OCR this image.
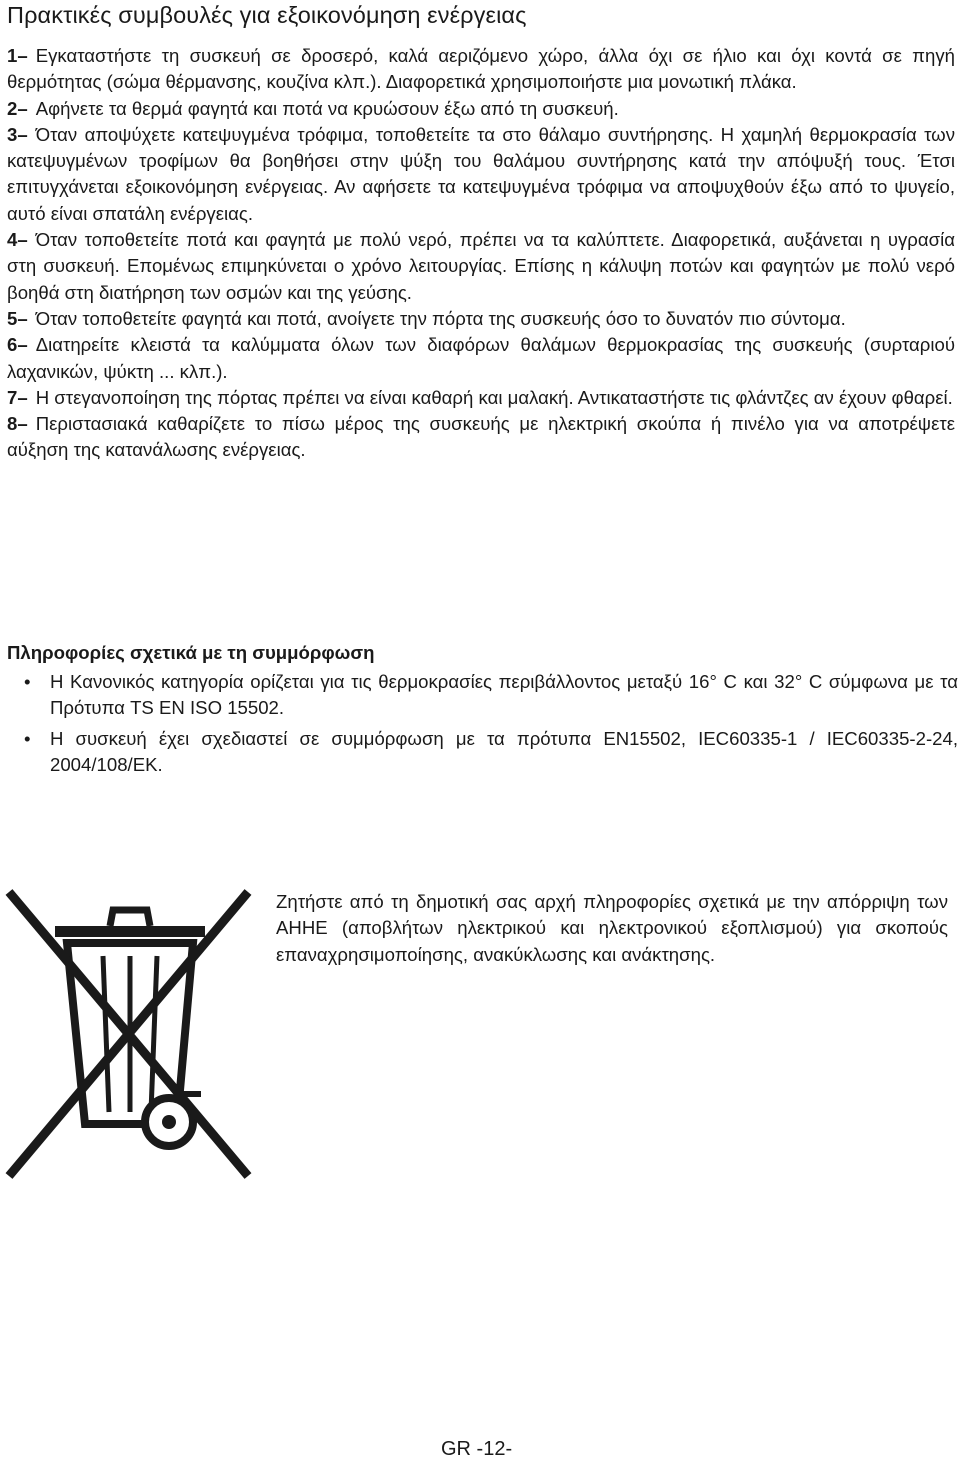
Πρακτικές συμβουλές για εξοικονόμηση ενέργειας
1– Εγκαταστήστε τη συσκευή σε δροσερό, καλά αεριζόμενο χώρο, άλλα όχι σε ήλιο και όχι κοντά σε πηγή θερμότητας (σώμα θέρμανσης, κουζίνα κλπ.). Διαφορετικά χρησιμοποιήστε μια μονωτική πλάκα.
2– Αφήνετε τα θερμά φαγητά και ποτά να κρυώσουν έξω από τη συσκευή.
3– Όταν αποψύχετε κατεψυγμένα τρόφιμα, τοποθετείτε τα στο θάλαμο συντήρησης. Η χαμηλή θερμοκρασία των κατεψυγμένων τροφίμων θα βοηθήσει στην ψύξη του θαλάμου συντήρησης κατά την απόψυξή τους. Έτσι επιτυγχάνεται εξοικονόμηση ενέργειας. Αν αφήσετε τα κατεψυγμένα τρόφιμα να αποψυχθούν έξω από το ψυγείο, αυτό είναι σπατάλη ενέργειας.
4– Όταν τοποθετείτε ποτά και φαγητά με πολύ νερό, πρέπει να τα καλύπτετε. Διαφορετικά, αυξάνεται η υγρασία στη συσκευή. Επομένως επιμηκύνεται ο χρόνο λειτουργίας. Επίσης η κάλυψη ποτών και φαγητών με πολύ νερό βοηθά στη διατήρηση των οσμών και της γεύσης.
5– Όταν τοποθετείτε φαγητά και ποτά, ανοίγετε την πόρτα της συσκευής όσο το δυνατόν πιο σύντομα.
6– Διατηρείτε κλειστά τα καλύμματα όλων των διαφόρων θαλάμων θερμοκρασίας της συσκευής (συρταριού λαχανικών, ψύκτη ... κλπ.).
7– Η στεγανοποίηση της πόρτας πρέπει να είναι καθαρή και μαλακή. Αντικαταστήστε τις φλάντζες αν έχουν φθαρεί.
8– Περιστασιακά καθαρίζετε το πίσω μέρος της συσκευής με ηλεκτρική σκούπα ή πινέλο για να αποτρέψετε αύξηση της κατανάλωσης ενέργειας.
Πληροφορίες σχετικά με τη συμμόρφωση
• Η Κανονικός κατηγορία ορίζεται για τις θερμοκρασίες περιβάλλοντος μεταξύ 16° C και 32° C σύμφωνα με τα Πρότυπα TS EN ISO 15502.
• Η συσκευή έχει σχεδιαστεί σε συμμόρφωση με τα πρότυπα EN15502, IEC60335-1 / IEC60335-2-24, 2004/108/EK.
Ζητήστε από τη δημοτική σας αρχή πληροφορίες σχετικά με την απόρριψη των ΑΗΗΕ (αποβλήτων ηλεκτρικού και ηλεκτρονικού εξοπλισμού) για σκοπούς επαναχρησιμοποίησης, ανακύκλωσης και ανάκτησης.
GR -12-
